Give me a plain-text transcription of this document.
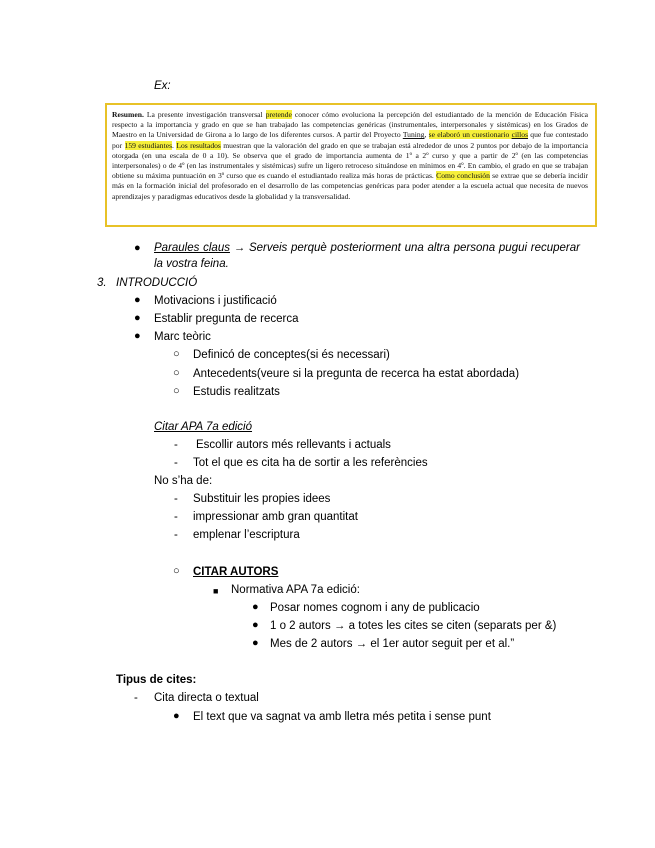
Ex:
Resumen. La presente investigación transversal pretende conocer cómo evoluciona la percepción del estudiantado de la mención de Educación Física respecto a la importancia y grado en que se han trabajado las competencias genéricas (instrumentales, interpersonales y sistémicas) en los Grados de Maestro en la Universidad de Girona a lo largo de los diferentes cursos. A partir del Proyecto Tuning, se elaboró un cuestionario cillos que fue contestado por 159 estudiantes. Los resultados muestran que la valoración del grado en que se trabajan está alrededor de unos 2 puntos por debajo de la importancia otorgada (en una escala de 0 a 10). Se observa que el grado de importancia aumenta de 1º a 2º curso y que a partir de 2º (en las competencias interpersonales) o de 4º (en las instrumentales y sistémicas) sufre un ligero retroceso situándose en mínimos en 4º. En cambio, el grado en que se trabajan obtiene su máxima puntuación en 3º curso que es cuando el estudiantado realiza más horas de prácticas. Como conclusión se extrae que se debería incidir más en la formación inicial del profesorado en el desarrollo de las competencias genéricas para poder atender a la escuela actual que necesita de nuevos aprendizajes y paradigmas educativos desde la globalidad y la transversalidad.
● Paraules claus → Serveis perquè posteriorment una altra persona pugui recuperar la vostra feina.
3. INTRODUCCIÓ
● Motivacions i justificació
● Establir pregunta de recerca
● Marc teòric
○ Definicó de conceptes(si és necessari)
○ Antecedents(veure si la pregunta de recerca ha estat abordada)
○ Estudis realitzats
Citar APA 7a edició
- Escollir autors més rellevants i actuals
- Tot el que es cita ha de sortir a les referències
No s’ha de:
- Substituir les propies idees
- impressionar amb gran quantitat
- emplenar l’escriptura
○ CITAR AUTORS
■ Normativa APA 7a edició:
● Posar nomes cognom i any de publicacio
● 1 o 2 autors → a totes les cites se citen (separats per &)
● Mes de 2 autors → el 1er autor seguit per et al.”
Tipus de cites:
- Cita directa o textual
● El text que va sagnat va amb lletra més petita i sense punt
